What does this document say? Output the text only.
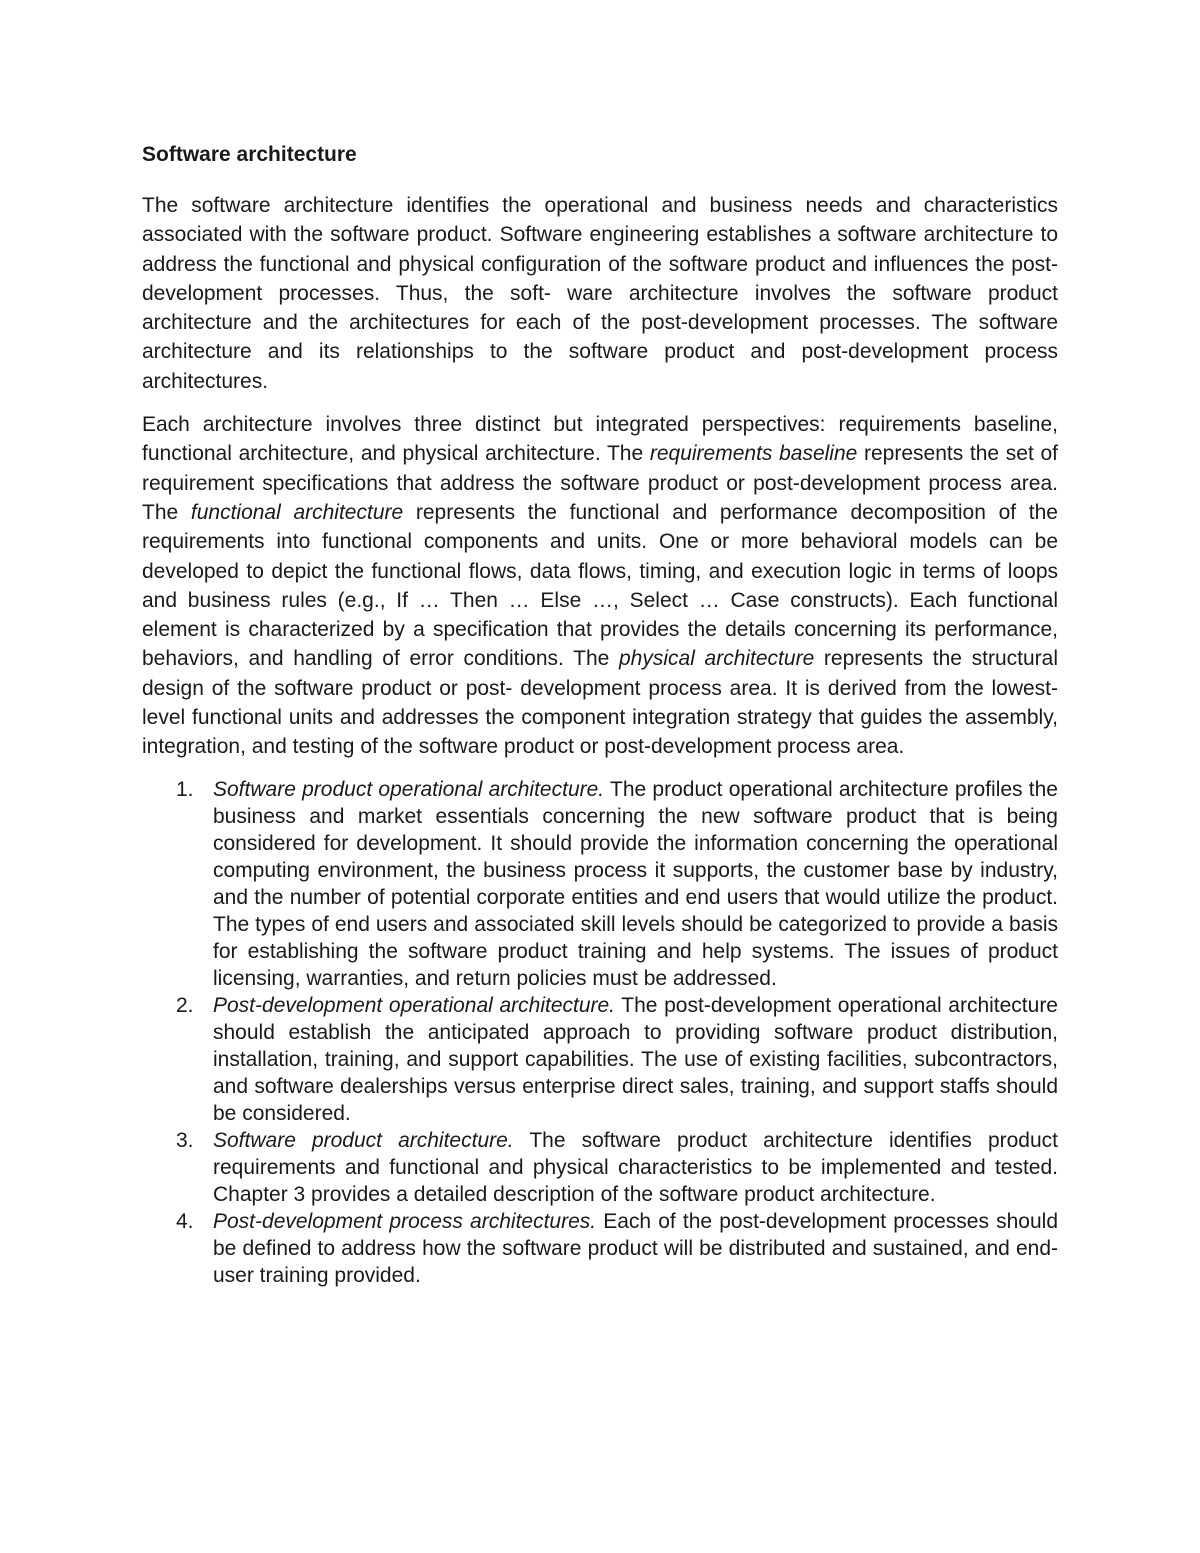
Software architecture

The software architecture identifies the operational and business needs and characteristics associated with the software product. Software engineering establishes a software architecture to address the functional and physical configuration of the software product and influences the post-development processes. Thus, the soft- ware architecture involves the software product architecture and the architectures for each of the post-development processes. The software architecture and its relationships to the software product and post-development process architectures.

Each architecture involves three distinct but integrated perspectives: requirements baseline, functional architecture, and physical architecture. The requirements baseline represents the set of requirement specifications that address the software product or post-development process area. The functional architecture represents the functional and performance decomposition of the requirements into functional components and units. One or more behavioral models can be developed to depict the functional flows, data flows, timing, and execution logic in terms of loops and business rules (e.g., If … Then … Else …, Select … Case constructs). Each functional element is characterized by a specification that provides the details concerning its performance, behaviors, and handling of error conditions. The physical architecture represents the structural design of the software product or post- development process area. It is derived from the lowest-level functional units and addresses the component integration strategy that guides the assembly, integration, and testing of the software product or post-development process area.

1. Software product operational architecture. The product operational architecture profiles the business and market essentials concerning the new software product that is being considered for development. It should provide the information concerning the operational computing environment, the business process it supports, the customer base by industry, and the number of potential corporate entities and end users that would utilize the product. The types of end users and associated skill levels should be categorized to provide a basis for establishing the software product training and help systems. The issues of product licensing, warranties, and return policies must be addressed.
2. Post-development operational architecture. The post-development operational architecture should establish the anticipated approach to providing software product distribution, installation, training, and support capabilities. The use of existing facilities, subcontractors, and software dealerships versus enterprise direct sales, training, and support staffs should be considered.
3. Software product architecture. The software product architecture identifies product requirements and functional and physical characteristics to be implemented and tested. Chapter 3 provides a detailed description of the software product architecture.
4. Post-development process architectures. Each of the post-development processes should be defined to address how the software product will be distributed and sustained, and end-user training provided.
